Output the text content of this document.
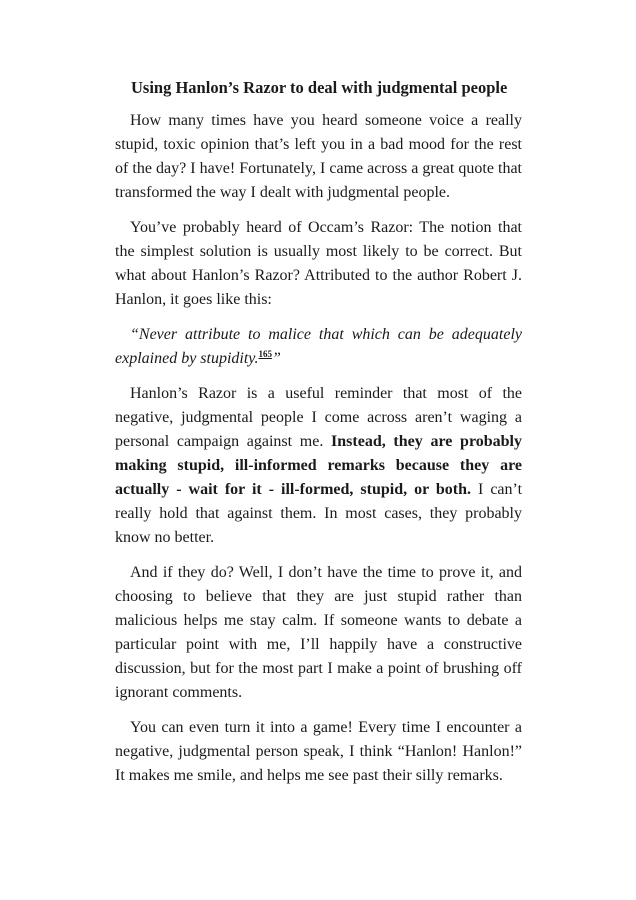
Using Hanlon’s Razor to deal with judgmental people

How many times have you heard someone voice a really stupid, toxic opinion that’s left you in a bad mood for the rest of the day? I have! Fortunately, I came across a great quote that transformed the way I dealt with judgmental people.

You’ve probably heard of Occam’s Razor: The notion that the simplest solution is usually most likely to be correct. But what about Hanlon’s Razor? Attributed to the author Robert J. Hanlon, it goes like this:

“Never attribute to malice that which can be adequately explained by stupidity.$^{165}$”

Hanlon’s Razor is a useful reminder that most of the negative, judgmental people I come across aren’t waging a personal campaign against me. Instead, they are probably making stupid, ill-informed remarks because they are actually - wait for it - ill-formed, stupid, or both. I can’t really hold that against them. In most cases, they probably know no better.

And if they do? Well, I don’t have the time to prove it, and choosing to believe that they are just stupid rather than malicious helps me stay calm. If someone wants to debate a particular point with me, I’ll happily have a constructive discussion, but for the most part I make a point of brushing off ignorant comments.

You can even turn it into a game! Every time I encounter a negative, judgmental person speak, I think “Hanlon! Hanlon!” It makes me smile, and helps me see past their silly remarks.
